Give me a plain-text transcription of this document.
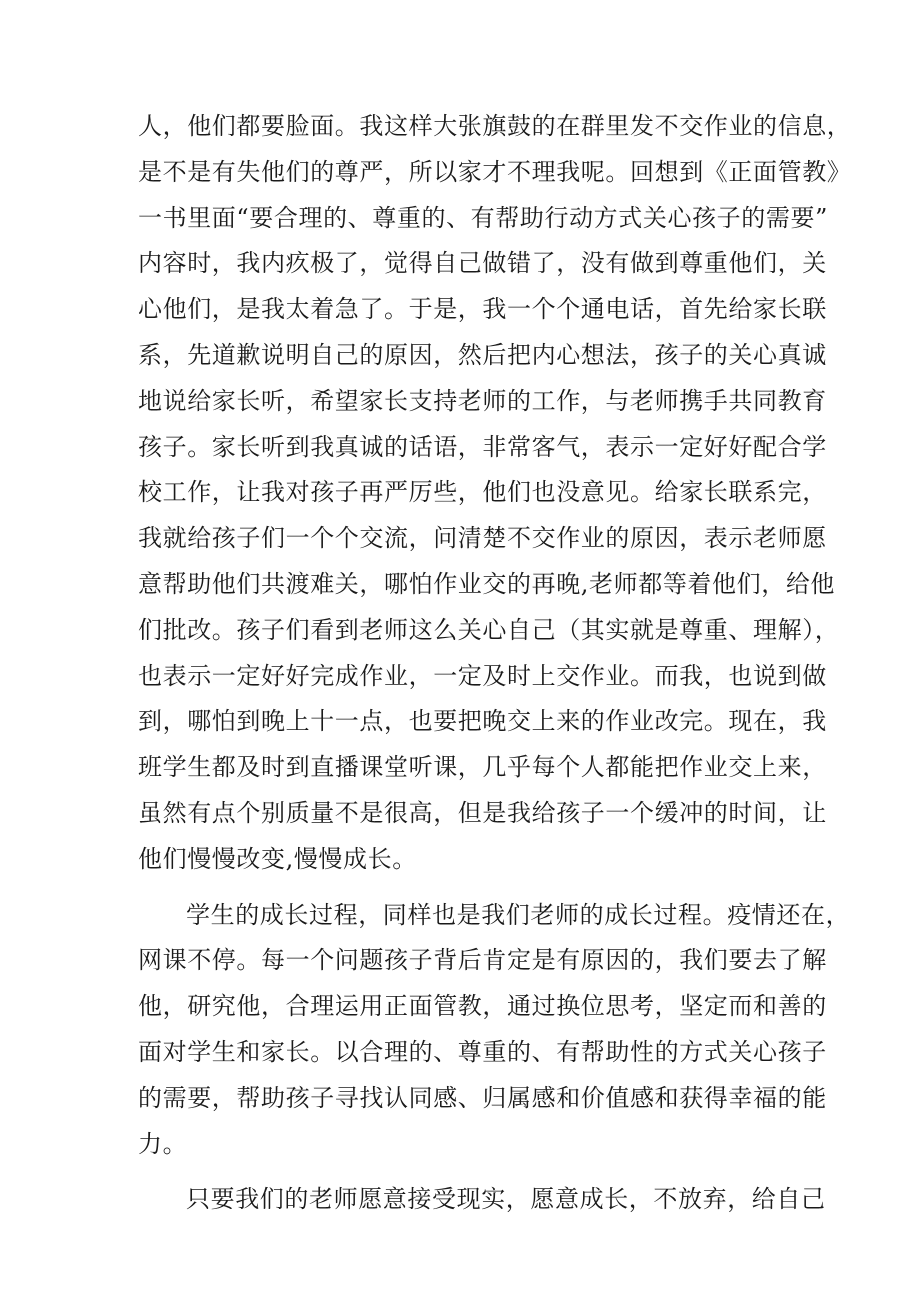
人，他们都要脸面。我这样大张旗鼓的在群里发不交作业的信息，
是不是有失他们的尊严，所以家才不理我呢。回想到《正面管教》
一书里面“要合理的、尊重的、有帮助行动方式关心孩子的需要”
内容时，我内疚极了，觉得自己做错了，没有做到尊重他们，关
心他们，是我太着急了。于是，我一个个通电话，首先给家长联
系，先道歉说明自己的原因，然后把内心想法，孩子的关心真诚
地说给家长听，希望家长支持老师的工作，与老师携手共同教育
孩子。家长听到我真诚的话语，非常客气，表示一定好好配合学
校工作，让我对孩子再严厉些，他们也没意见。给家长联系完，
我就给孩子们一个个交流，问清楚不交作业的原因，表示老师愿
意帮助他们共渡难关，哪怕作业交的再晚,老师都等着他们，给他
们批改。孩子们看到老师这么关心自己（其实就是尊重、理解），
也表示一定好好完成作业，一定及时上交作业。而我，也说到做
到，哪怕到晚上十一点，也要把晚交上来的作业改完。现在，我
班学生都及时到直播课堂听课，几乎每个人都能把作业交上来，
虽然有点个别质量不是很高，但是我给孩子一个缓冲的时间，让
他们慢慢改变,慢慢成长。
学生的成长过程，同样也是我们老师的成长过程。疫情还在，
网课不停。每一个问题孩子背后肯定是有原因的，我们要去了解
他，研究他，合理运用正面管教，通过换位思考，坚定而和善的
面对学生和家长。以合理的、尊重的、有帮助性的方式关心孩子
的需要，帮助孩子寻找认同感、归属感和价值感和获得幸福的能
力。
只要我们的老师愿意接受现实，愿意成长，不放弃，给自己
